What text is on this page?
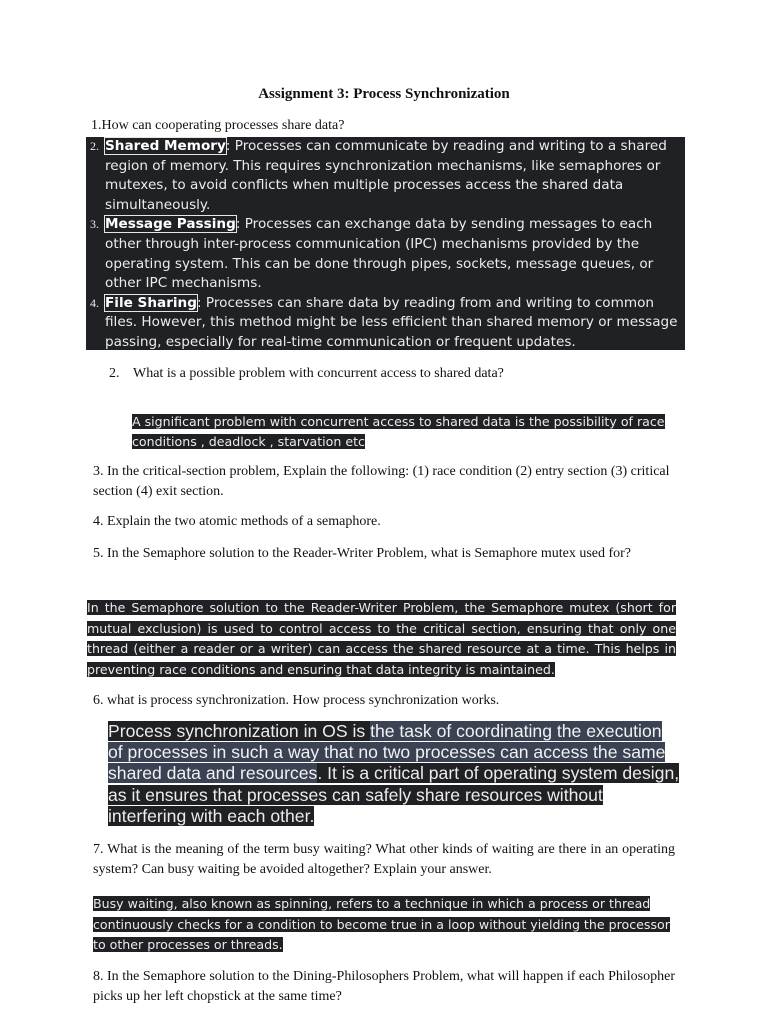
Assignment 3: Process Synchronization
1.How can cooperating processes share data?
2. Shared Memory: Processes can communicate by reading and writing to a shared region of memory. This requires synchronization mechanisms, like semaphores or mutexes, to avoid conflicts when multiple processes access the shared data simultaneously.
3. Message Passing: Processes can exchange data by sending messages to each other through inter-process communication (IPC) mechanisms provided by the operating system. This can be done through pipes, sockets, message queues, or other IPC mechanisms.
4. File Sharing: Processes can share data by reading from and writing to common files. However, this method might be less efficient than shared memory or message passing, especially for real-time communication or frequent updates.
2. What is a possible problem with concurrent access to shared data?
A significant problem with concurrent access to shared data is the possibility of race conditions , deadlock , starvation etc
3. In the critical-section problem, Explain the following: (1) race condition (2) entry section (3) critical section (4) exit section.
4. Explain the two atomic methods of a semaphore.
5. In the Semaphore solution to the Reader-Writer Problem, what is Semaphore mutex used for?
In the Semaphore solution to the Reader-Writer Problem, the Semaphore mutex (short for mutual exclusion) is used to control access to the critical section, ensuring that only one thread (either a reader or a writer) can access the shared resource at a time. This helps in preventing race conditions and ensuring that data integrity is maintained.
6. what is process synchronization. How process synchronization works.
Process synchronization in OS is the task of coordinating the execution of processes in such a way that no two processes can access the same shared data and resources. It is a critical part of operating system design, as it ensures that processes can safely share resources without interfering with each other.
7. What is the meaning of the term busy waiting? What other kinds of waiting are there in an operating system? Can busy waiting be avoided altogether? Explain your answer.
Busy waiting, also known as spinning, refers to a technique in which a process or thread continuously checks for a condition to become true in a loop without yielding the processor to other processes or threads.
8. In the Semaphore solution to the Dining-Philosophers Problem, what will happen if each Philosopher picks up her left chopstick at the same time?
